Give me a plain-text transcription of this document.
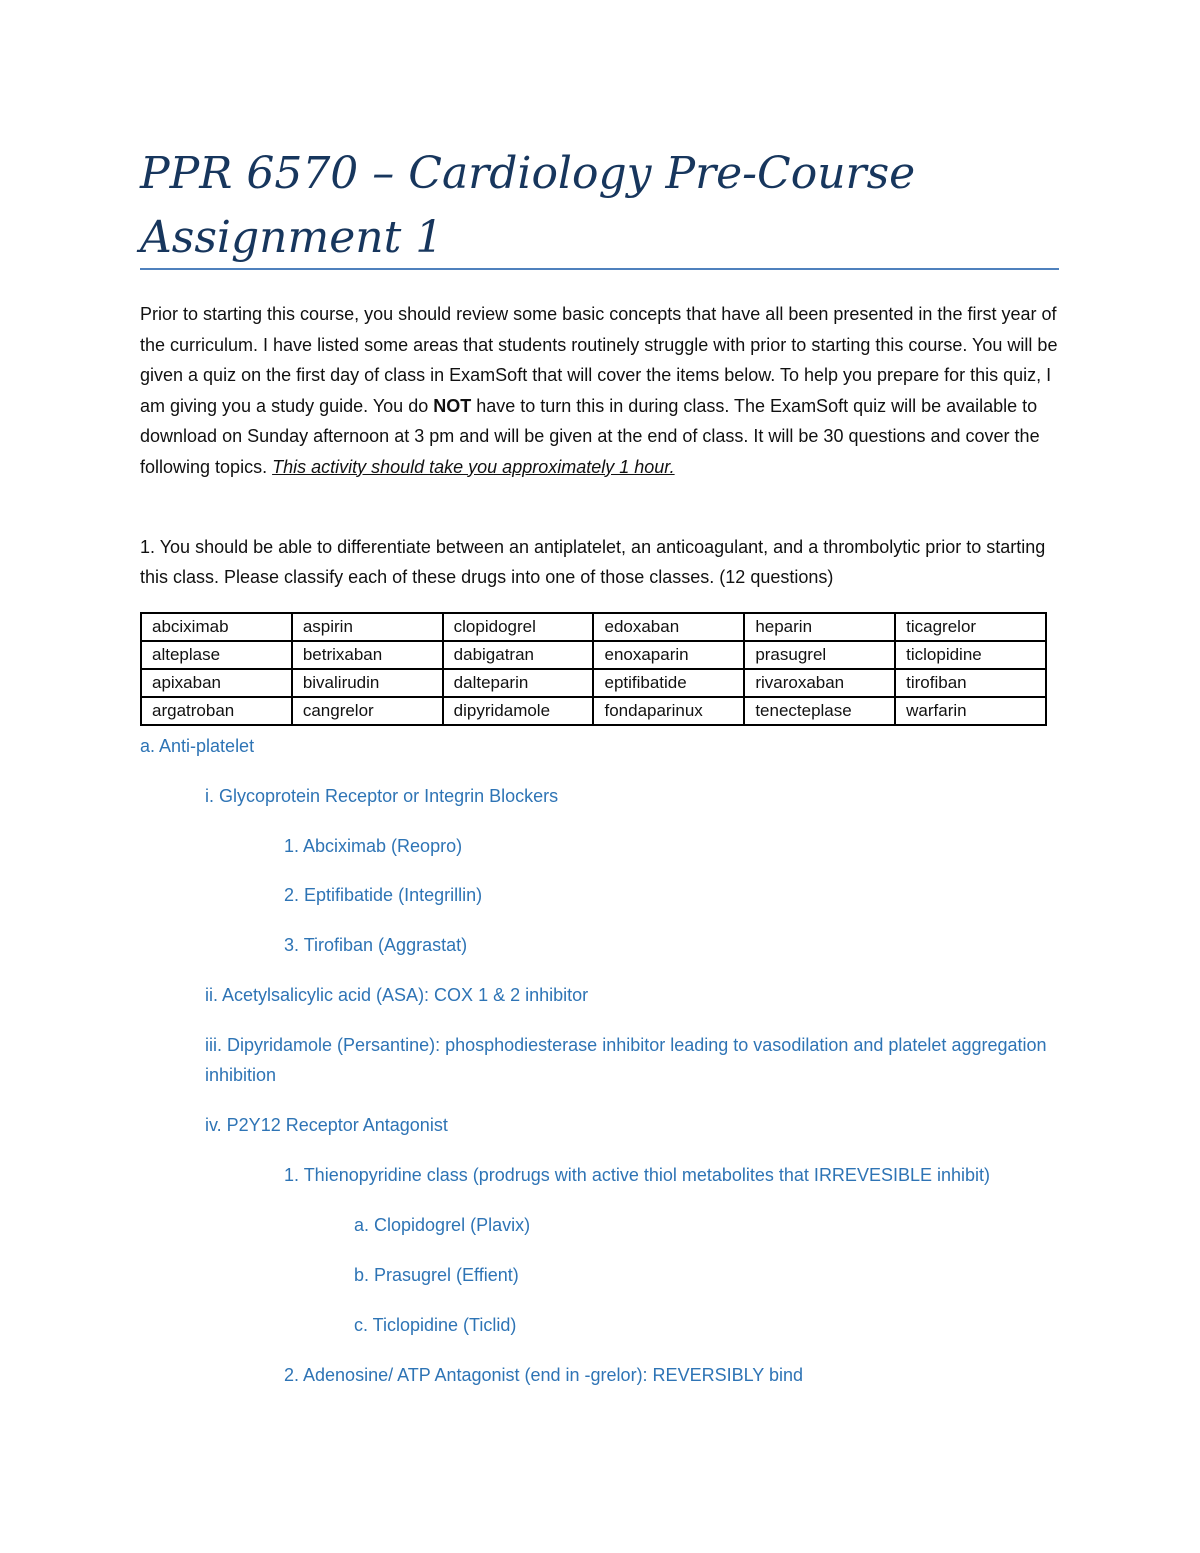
PPR 6570 – Cardiology Pre-Course
Assignment 1

Prior to starting this course, you should review some basic concepts that have all been presented in the first year of the curriculum. I have listed some areas that students routinely struggle with prior to starting this course. You will be given a quiz on the first day of class in ExamSoft that will cover the items below. To help you prepare for this quiz, I am giving you a study guide. You do NOT have to turn this in during class. The ExamSoft quiz will be available to download on Sunday afternoon at 3 pm and will be given at the end of class. It will be 30 questions and cover the following topics. This activity should take you approximately 1 hour.

1. You should be able to differentiate between an antiplatelet, an anticoagulant, and a thrombolytic prior to starting this class. Please classify each of these drugs into one of those classes. (12 questions)

abciximab	aspirin	clopidogrel	edoxaban	heparin	ticagrelor
alteplase	betrixaban	dabigatran	enoxaparin	prasugrel	ticlopidine
apixaban	bivalirudin	dalteparin	eptifibatide	rivaroxaban	tirofiban
argatroban	cangrelor	dipyridamole	fondaparinux	tenecteplase	warfarin

a. Anti-platelet

i. Glycoprotein Receptor or Integrin Blockers

1. Abciximab (Reopro)

2. Eptifibatide (Integrillin)

3. Tirofiban (Aggrastat)

ii. Acetylsalicylic acid (ASA): COX 1 & 2 inhibitor

iii. Dipyridamole (Persantine): phosphodiesterase inhibitor leading to vasodilation and platelet aggregation inhibition

iv. P2Y12 Receptor Antagonist

1. Thienopyridine class (prodrugs with active thiol metabolites that IRREVESIBLE inhibit)

a. Clopidogrel (Plavix)

b. Prasugrel (Effient)

c. Ticlopidine (Ticlid)

2. Adenosine/ ATP Antagonist (end in -grelor): REVERSIBLY bind
